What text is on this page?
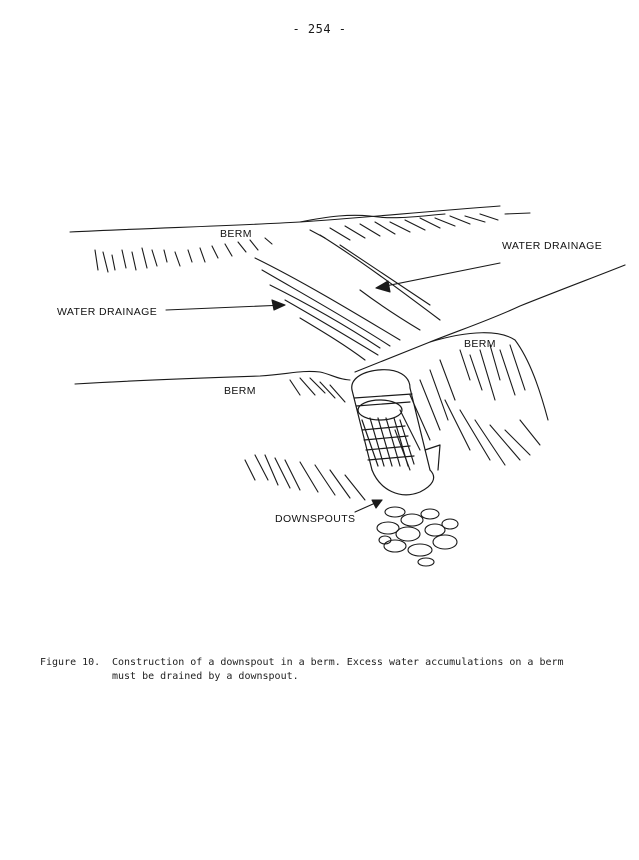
- 254 -
BERM
WATER DRAINAGE
WATER DRAINAGE
BERM
BERM
DOWNSPOUTS
Figure 10. Construction of a downspout in a berm. Excess water accumulations on a berm must be drained by a downspout.
